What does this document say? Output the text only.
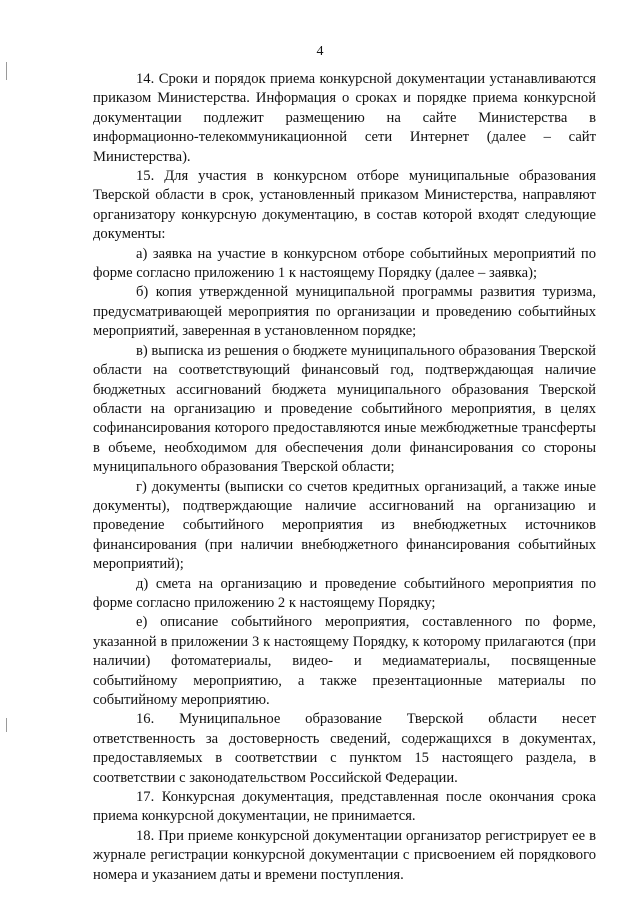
4

14. Сроки и порядок приема конкурсной документации устанавливаются приказом Министерства. Информация о сроках и порядке приема конкурсной документации подлежит размещению на сайте Министерства в информационно-телекоммуникационной сети Интернет (далее – сайт Министерства).

15. Для участия в конкурсном отборе муниципальные образования Тверской области в срок, установленный приказом Министерства, направляют организатору конкурсную документацию, в состав которой входят следующие документы:

а) заявка на участие в конкурсном отборе событийных мероприятий по форме согласно приложению 1 к настоящему Порядку (далее – заявка);

б) копия утвержденной муниципальной программы развития туризма, предусматривающей мероприятия по организации и проведению событийных мероприятий, заверенная в установленном порядке;

в) выписка из решения о бюджете муниципального образования Тверской области на соответствующий финансовый год, подтверждающая наличие бюджетных ассигнований бюджета муниципального образования Тверской области на организацию и проведение событийного мероприятия, в целях софинансирования которого предоставляются иные межбюджетные трансферты в объеме, необходимом для обеспечения доли финансирования со стороны муниципального образования Тверской области;

г) документы (выписки со счетов кредитных организаций, а также иные документы), подтверждающие наличие ассигнований на организацию и проведение событийного мероприятия из внебюджетных источников финансирования (при наличии внебюджетного финансирования событийных мероприятий);

д) смета на организацию и проведение событийного мероприятия по форме согласно приложению 2 к настоящему Порядку;

е) описание событийного мероприятия, составленного по форме, указанной в приложении 3 к настоящему Порядку, к которому прилагаются (при наличии) фотоматериалы, видео- и медиаматериалы, посвященные событийному мероприятию, а также презентационные материалы по событийному мероприятию.

16. Муниципальное образование Тверской области несет ответственность за достоверность сведений, содержащихся в документах, предоставляемых в соответствии с пунктом 15 настоящего раздела, в соответствии с законодательством Российской Федерации.

17. Конкурсная документация, представленная после окончания срока приема конкурсной документации, не принимается.

18. При приеме конкурсной документации организатор регистрирует ее в журнале регистрации конкурсной документации с присвоением ей порядкового номера и указанием даты и времени поступления.
